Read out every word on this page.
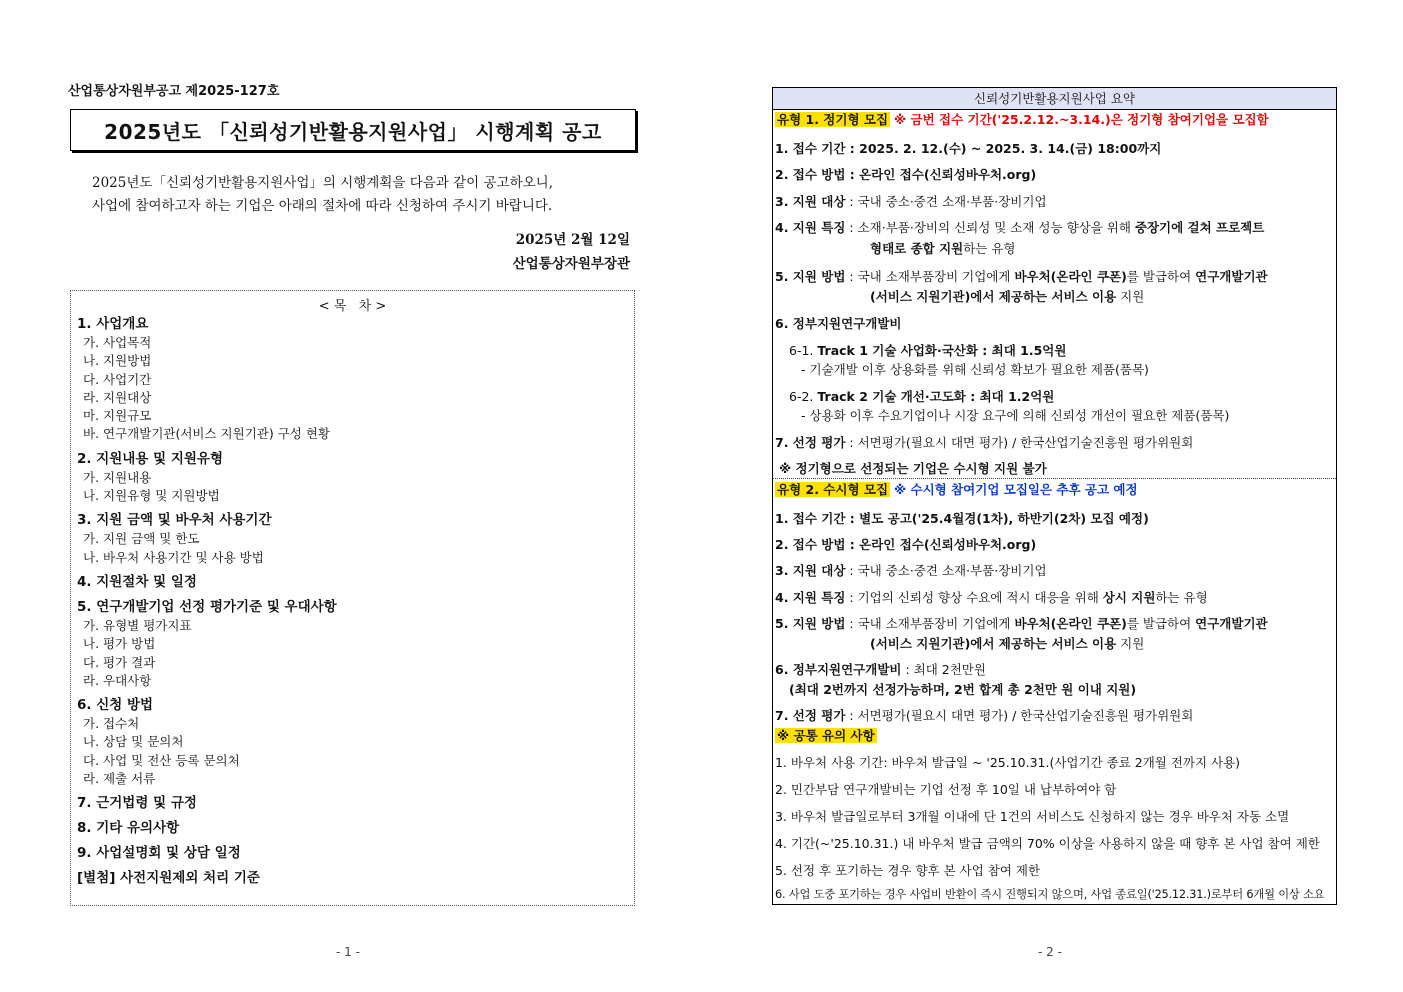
산업통상자원부공고 제2025-127호
2025년도 「신뢰성기반활용지원사업」 시행계획 공고
2025년도「신뢰성기반활용지원사업」의 시행계획을 다음과 같이 공고하오니,
사업에 참여하고자 하는 기업은 아래의 절차에 따라 신청하여 주시기 바랍니다.
2025년 2월 12일
산업통상자원부장관
< 목   차 >
1. 사업개요
가. 사업목적
나. 지원방법
다. 사업기간
라. 지원대상
마. 지원규모
바. 연구개발기관(서비스 지원기관) 구성 현황
2. 지원내용 및 지원유형
가. 지원내용
나. 지원유형 및 지원방법
3. 지원 금액 및 바우처 사용기간
가. 지원 금액 및 한도
나. 바우처 사용기간 및 사용 방법
4. 지원절차 및 일정
5. 연구개발기업 선정 평가기준 및 우대사항
가. 유형별 평가지표
나. 평가 방법
다. 평가 결과
라. 우대사항
6. 신청 방법
가. 접수처
나. 상담 및 문의처
다. 사업 및 전산 등록 문의처
라. 제출 서류
7. 근거법령 및 규정
8. 기타 유의사항
9. 사업설명회 및 상담 일정
[별첨] 사전지원제외 처리 기준
- 1 -
신뢰성기반활용지원사업 요약
유형 1. 정기형 모집 ※ 금번 접수 기간('25.2.12.~3.14.)은 정기형 참여기업을 모집함
1. 접수 기간 : 2025. 2. 12.(수) ~ 2025. 3. 14.(금) 18:00까지
2. 접수 방법 : 온라인 접수(신뢰성바우처.org)
3. 지원 대상 : 국내 중소·중견 소재·부품·장비기업
4. 지원 특징 : 소재·부품·장비의 신뢰성 및 소재 성능 향상을 위해 중장기에 걸쳐 프로젝트
형태로 종합 지원하는 유형
5. 지원 방법 : 국내 소재부품장비 기업에게 바우처(온라인 쿠폰)를 발급하여 연구개발기관
(서비스 지원기관)에서 제공하는 서비스 이용 지원
6. 정부지원연구개발비
6-1. Track 1 기술 사업화·국산화 : 최대 1.5억원
- 기술개발 이후 상용화를 위해 신뢰성 확보가 필요한 제품(품목)
6-2. Track 2 기술 개선·고도화 : 최대 1.2억원
- 상용화 이후 수요기업이나 시장 요구에 의해 신뢰성 개선이 필요한 제품(품목)
7. 선정 평가 : 서면평가(필요시 대면 평가) / 한국산업기술진흥원 평가위원회
※ 정기형으로 선정되는 기업은 수시형 지원 불가
유형 2. 수시형 모집 ※ 수시형 참여기업 모집일은 추후 공고 예정
1. 접수 기간 : 별도 공고('25.4월경(1차), 하반기(2차) 모집 예정)
2. 접수 방법 : 온라인 접수(신뢰성바우처.org)
3. 지원 대상 : 국내 중소·중견 소재·부품·장비기업
4. 지원 특징 : 기업의 신뢰성 향상 수요에 적시 대응을 위해 상시 지원하는 유형
5. 지원 방법 : 국내 소재부품장비 기업에게 바우처(온라인 쿠폰)를 발급하여 연구개발기관
(서비스 지원기관)에서 제공하는 서비스 이용 지원
6. 정부지원연구개발비 : 최대 2천만원
(최대 2번까지 선정가능하며, 2번 합계 총 2천만 원 이내 지원)
7. 선정 평가 : 서면평가(필요시 대면 평가) / 한국산업기술진흥원 평가위원회
※ 공통 유의 사항
1. 바우처 사용 기간: 바우처 발급일 ~ '25.10.31.(사업기간 종료 2개월 전까지 사용)
2. 민간부담 연구개발비는 기업 선정 후 10일 내 납부하여야 함
3. 바우처 발급일로부터 3개월 이내에 단 1건의 서비스도 신청하지 않는 경우 바우처 자동 소멸
4. 기간(~'25.10.31.) 내 바우처 발급 금액의 70% 이상을 사용하지 않을 때 향후 본 사업 참여 제한
5. 선정 후 포기하는 경우 향후 본 사업 참여 제한
6. 사업 도중 포기하는 경우 사업비 반환이 즉시 진행되지 않으며, 사업 종료일('25.12.31.)로부터 6개월 이상 소요
- 2 -
